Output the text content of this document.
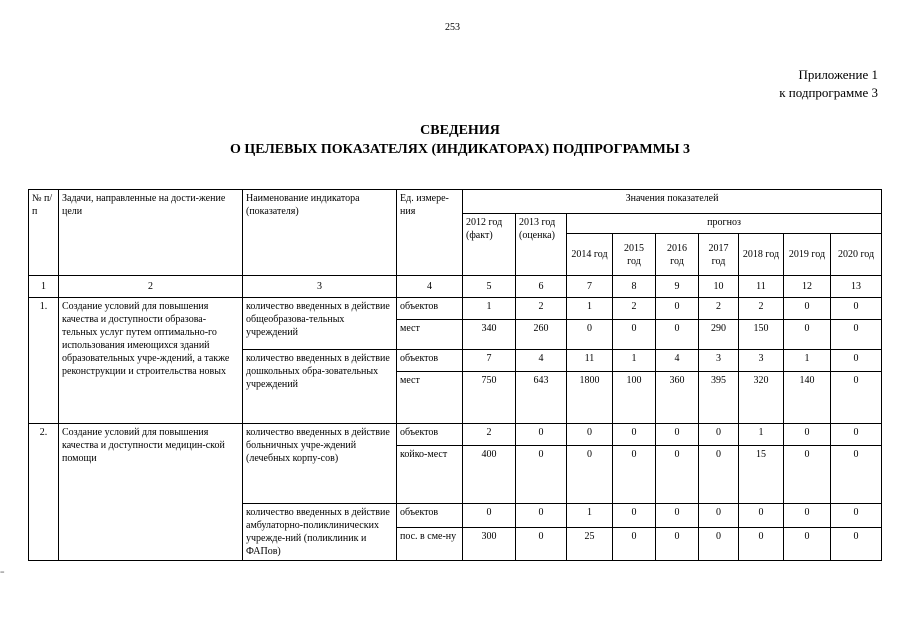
253
Приложение 1
к подпрограмме 3
СВЕДЕНИЯ
О ЦЕЛЕВЫХ ПОКАЗАТЕЛЯХ (ИНДИКАТОРАХ) ПОДПРОГРАММЫ 3
№ п/п	Задачи, направленные на дости-жение цели	Наименование индикатора (показателя)	Ед. измере-ния	Значения показателей								
				2012 год (факт)	2013 год (оценка)	прогноз						
						2014 год	2015 год	2016 год	2017 год	2018 год	2019 год	2020 год
1	2	3	4	5	6	7	8	9	10	11	12	13
1.	Создание условий для повышения качества и доступности образова-тельных услуг путем оптимально-го использования имеющихся зданий образовательных учре-ждений, а также реконструкции и строительства новых	количество введенных в действие общеобразова-тельных учреждений	объектов	1	2	1	2	0	2	2	0	0
			мест	340	260	0	0	0	290	150	0	0
		количество введенных в действие дошкольных обра-зовательных учреждений	объектов	7	4	11	1	4	3	3	1	0
			мест	750	643	1800	100	360	395	320	140	0
2.	Создание условий для повышения качества и доступности медицин-ской помощи	количество введенных в действие больничных учре-ждений (лечебных корпу-сов)	объектов	2	0	0	0	0	0	1	0	0
			койко-мест	400	0	0	0	0	0	15	0	0
		количество введенных в действие амбулаторно-поликлинических учрежде-ний (поликлиник и ФАПов)	объектов	0	0	1	0	0	0	0	0	0
			пос. в сме-ну	300	0	25	0	0	0	0	0	0
=
